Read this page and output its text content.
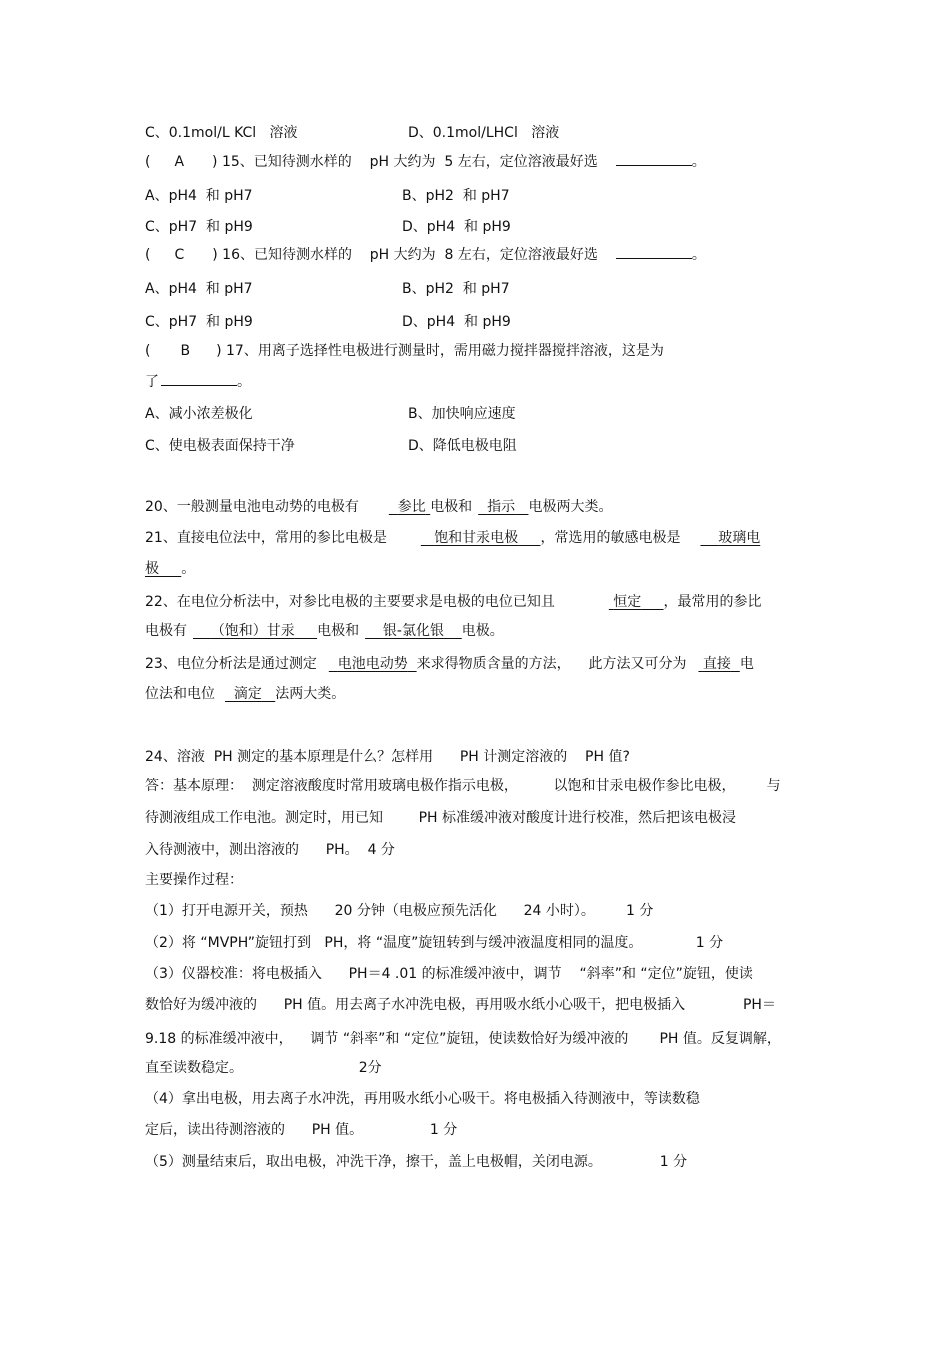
C、0.1mol/L KCl   溶液	D、0.1mol/LHCl   溶液
( A ) 15、已知待测水样的    pH 大约为  5 左右，定位溶液最好选	。
A、pH4  和 pH7	B、pH2  和 pH7
C、pH7  和 pH9	D、pH4  和 pH9
( C ) 16、已知待测水样的    pH 大约为  8 左右，定位溶液最好选	。
A、pH4  和 pH7	B、pH2  和 pH7
C、pH7  和 pH9	D、pH4  和 pH9
( B ) 17、用离子选择性电极进行测量时，需用磁力搅拌器搅拌溶液，这是为
了	。
A、减小浓差极化	B、加快响应速度
C、使电极表面保持干净	D、降低电极电阻
20、一般测量电池电动势的电极有	参比 电极和 指示 电极两大类。
21、直接电位法中，常用的参比电极是	饱和甘汞电极 ，常选用的敏感电极是	玻璃电
极 。
22、在电位分析法中，对参比电极的主要要求是电极的电位已知且	恒定 ，最常用的参比
电极有 （饱和）甘汞 电极和 银-氯化银 电极。
23、电位分析法是通过测定 电池电动势 来求得物质含量的方法，    此方法又可分为 直接 电
位法和电位 滴定 法两大类。
24、溶液  PH 测定的基本原理是什么？怎样用      PH 计测定溶液的    PH 值?
答：基本原理：  测定溶液酸度时常用玻璃电极作指示电极，        以饱和甘汞电极作参比电极，       与
待测液组成工作电池。测定时，用已知        PH 标准缓冲液对酸度计进行校准，然后把该电极浸
入待测液中，测出溶液的      PH。  4 分
主要操作过程：
（1）打开电源开关，预热      20 分钟（电极应预先活化      24 小时）。       1 分
（2）将 “MVPH”旋钮打到   PH，将 “温度”旋钮转到与缓冲液温度相同的温度。            1 分
（3）仪器校准：将电极插入      PH＝4 .01 的标准缓冲液中，调节    “斜率”和 “定位”旋钮，使读
数恰好为缓冲液的      PH 值。用去离子水冲洗电极，再用吸水纸小心吸干，把电极插入             PH＝
9.18 的标准缓冲液中，    调节 “斜率”和 “定位”旋钮，使读数恰好为缓冲液的       PH 值。反复调解，
直至读数稳定。                          2分
（4）拿出电极，用去离子水冲洗，再用吸水纸小心吸干。将电极插入待测液中，等读数稳
定后，读出待测溶液的      PH 值。               1 分
（5）测量结束后，取出电极，冲洗干净，擦干，盖上电极帽，关闭电源。             1 分
